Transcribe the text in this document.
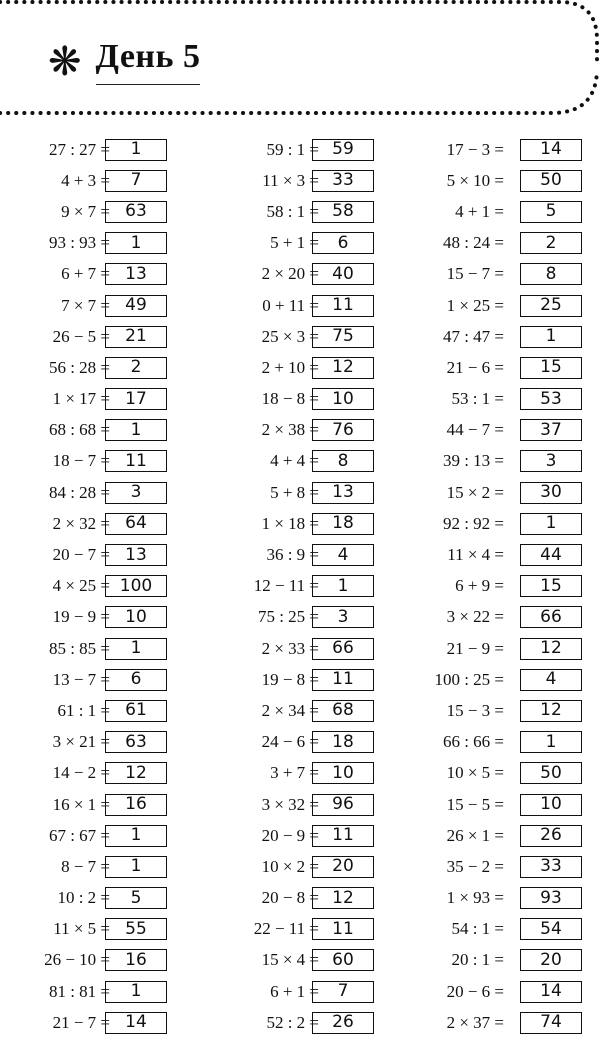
❋ День 5
27 : 27 =	1
4 + 3 =	7
9 × 7 = 63
93 : 93 =	1
6 + 7 = 13
7 × 7 = 49
26 − 5 = 21
56 : 28 =	2
1 × 17 = 17
68 : 68 =	1
18 − 7 = 11
84 : 28 =	3
2 × 32 = 64
20 − 7 = 13
4 × 25 = 100
19 − 9 = 10
85 : 85 =	1
13 − 7 =	6
61 : 1 = 61
3 × 21 = 63
14 − 2 = 12
16 × 1 = 16
67 : 67 =	1
8 − 7 =	1
10 : 2 =	5
11 × 5 = 55
26 − 10 = 16
81 : 81 =	1
21 − 7 = 14
59 : 1 = 59
11 × 3 = 33
58 : 1 = 58
5 + 1 =	6
2 × 20 = 40
0 + 11 = 11
25 × 3 = 75
2 + 10 = 12
18 − 8 = 10
2 × 38 = 76
4 + 4 =	8
5 + 8 = 13
1 × 18 = 18
36 : 9 =	4
12 − 11 =	1
75 : 25 =	3
2 × 33 = 66
19 − 8 = 11
2 × 34 = 68
24 − 6 = 18
3 + 7 = 10
3 × 32 = 96
20 − 9 = 11
10 × 2 = 20
20 − 8 = 12
22 − 11 = 11
15 × 4 = 60
6 + 1 =	7
52 : 2 = 26
17 − 3 =	14
5 × 10 =	50
4 + 1 =	5
48 : 24 =	2
15 − 7 =	8
1 × 25 =	25
47 : 47 =	1
21 − 6 =	15
53 : 1 =	53
44 − 7 =	37
39 : 13 =	3
15 × 2 =	30
92 : 92 =	1
11 × 4 =	44
6 + 9 =	15
3 × 22 =	66
21 − 9 =	12
100 : 25 =	4
15 − 3 =	12
66 : 66 =	1
10 × 5 =	50
15 − 5 =	10
26 × 1 =	26
35 − 2 =	33
1 × 93 =	93
54 : 1 =	54
20 : 1 =	20
20 − 6 =	14
2 × 37 =	74
